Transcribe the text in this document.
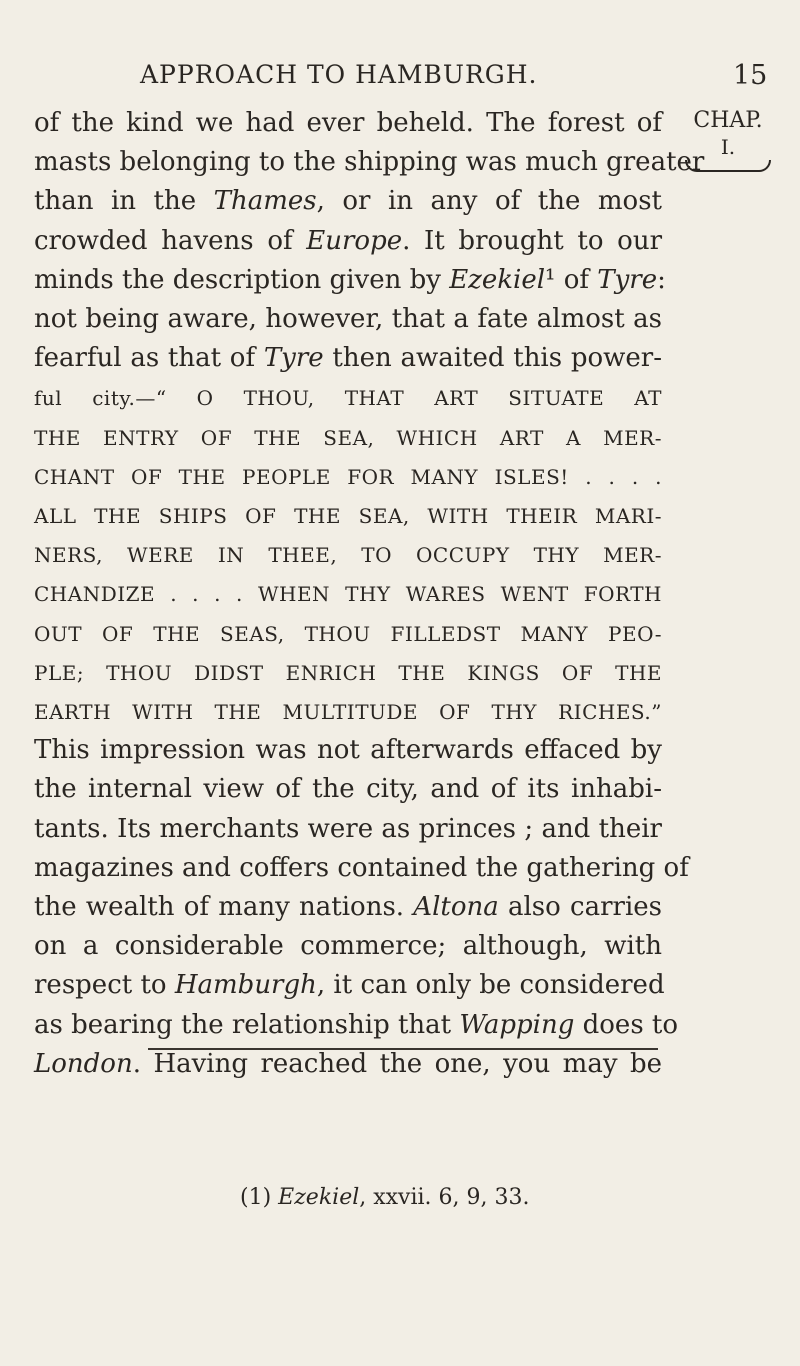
APPROACH TO HAMBURGH.	15
CHAP.
I.
of the kind we had ever beheld. The forest of
masts belonging to the shipping was much greater
than in the Thames, or in any of the most
crowded havens of Europe. It brought to our
minds the description given by Ezekiel¹ of Tyre:
not being aware, however, that a fate almost as
fearful as that of Tyre then awaited this power-
ful city.—“ O THOU, THAT ART SITUATE AT
THE ENTRY OF THE SEA, WHICH ART A MER-
CHANT OF THE PEOPLE FOR MANY ISLES! . . . .
ALL THE SHIPS OF THE SEA, WITH THEIR MARI-
NERS, WERE IN THEE, TO OCCUPY THY MER-
CHANDIZE . . . . WHEN THY WARES WENT FORTH
OUT OF THE SEAS, THOU FILLEDST MANY PEO-
PLE; THOU DIDST ENRICH THE KINGS OF THE
EARTH WITH THE MULTITUDE OF THY RICHES.”
This impression was not afterwards effaced by
the internal view of the city, and of its inhabi-
tants. Its merchants were as princes ; and their
magazines and coffers contained the gathering of
the wealth of many nations. Altona also carries
on a considerable commerce; although, with
respect to Hamburgh, it can only be considered
as bearing the relationship that Wapping does to
London. Having reached the one, you may be
(1) Ezekiel, xxvii. 6, 9, 33.
